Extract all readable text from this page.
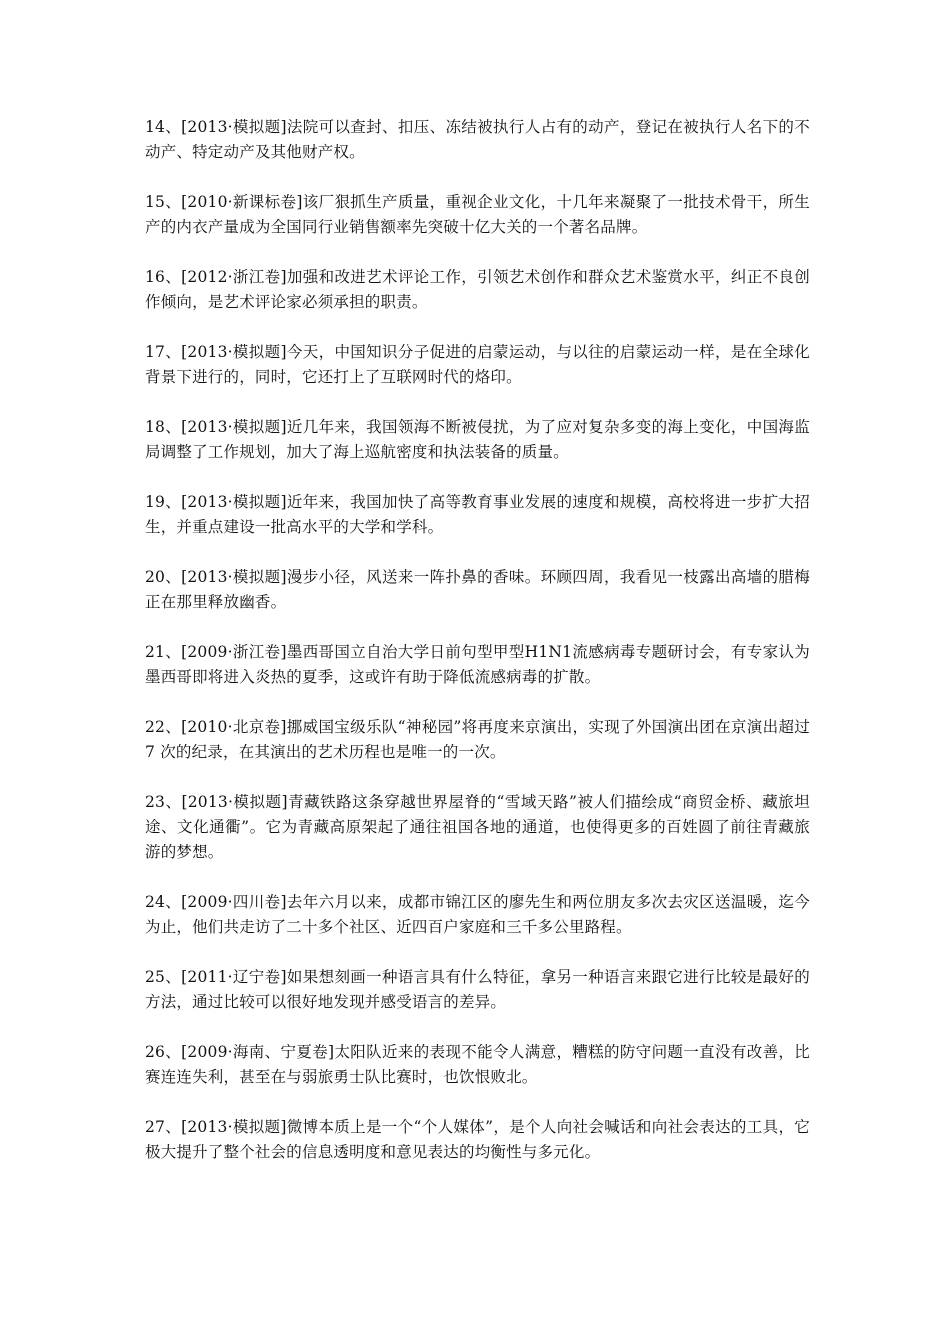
14、[2013·模拟题]法院可以查封、扣压、冻结被执行人占有的动产，登记在被执行人名下的不动产、特定动产及其他财产权。

15、[2010·新课标卷]该厂狠抓生产质量，重视企业文化，十几年来凝聚了一批技术骨干，所生产的内衣产量成为全国同行业销售额率先突破十亿大关的一个著名品牌。

16、[2012·浙江卷]加强和改进艺术评论工作，引领艺术创作和群众艺术鉴赏水平，纠正不良创作倾向，是艺术评论家必须承担的职责。

17、[2013·模拟题]今天，中国知识分子促进的启蒙运动，与以往的启蒙运动一样，是在全球化背景下进行的，同时，它还打上了互联网时代的烙印。

18、[2013·模拟题]近几年来，我国领海不断被侵扰，为了应对复杂多变的海上变化，中国海监局调整了工作规划，加大了海上巡航密度和执法装备的质量。

19、[2013·模拟题]近年来，我国加快了高等教育事业发展的速度和规模，高校将进一步扩大招生，并重点建设一批高水平的大学和学科。

20、[2013·模拟题]漫步小径，风送来一阵扑鼻的香味。环顾四周，我看见一枝露出高墙的腊梅正在那里释放幽香。

21、[2009·浙江卷]墨西哥国立自治大学日前句型甲型H1N1流感病毒专题研讨会，有专家认为墨西哥即将进入炎热的夏季，这或许有助于降低流感病毒的扩散。

22、[2010·北京卷]挪威国宝级乐队“神秘园”将再度来京演出，实现了外国演出团在京演出超过 7 次的纪录，在其演出的艺术历程也是唯一的一次。

23、[2013·模拟题]青藏铁路这条穿越世界屋脊的“雪域天路”被人们描绘成“商贸金桥、藏旅坦途、文化通衢”。它为青藏高原架起了通往祖国各地的通道，也使得更多的百姓圆了前往青藏旅游的梦想。

24、[2009·四川卷]去年六月以来，成都市锦江区的廖先生和两位朋友多次去灾区送温暖，迄今为止，他们共走访了二十多个社区、近四百户家庭和三千多公里路程。

25、[2011·辽宁卷]如果想刻画一种语言具有什么特征，拿另一种语言来跟它进行比较是最好的方法，通过比较可以很好地发现并感受语言的差异。

26、[2009·海南、宁夏卷]太阳队近来的表现不能令人满意，糟糕的防守问题一直没有改善，比赛连连失利，甚至在与弱旅勇士队比赛时，也饮恨败北。

27、[2013·模拟题]微博本质上是一个“个人媒体”，是个人向社会喊话和向社会表达的工具，它极大提升了整个社会的信息透明度和意见表达的均衡性与多元化。
